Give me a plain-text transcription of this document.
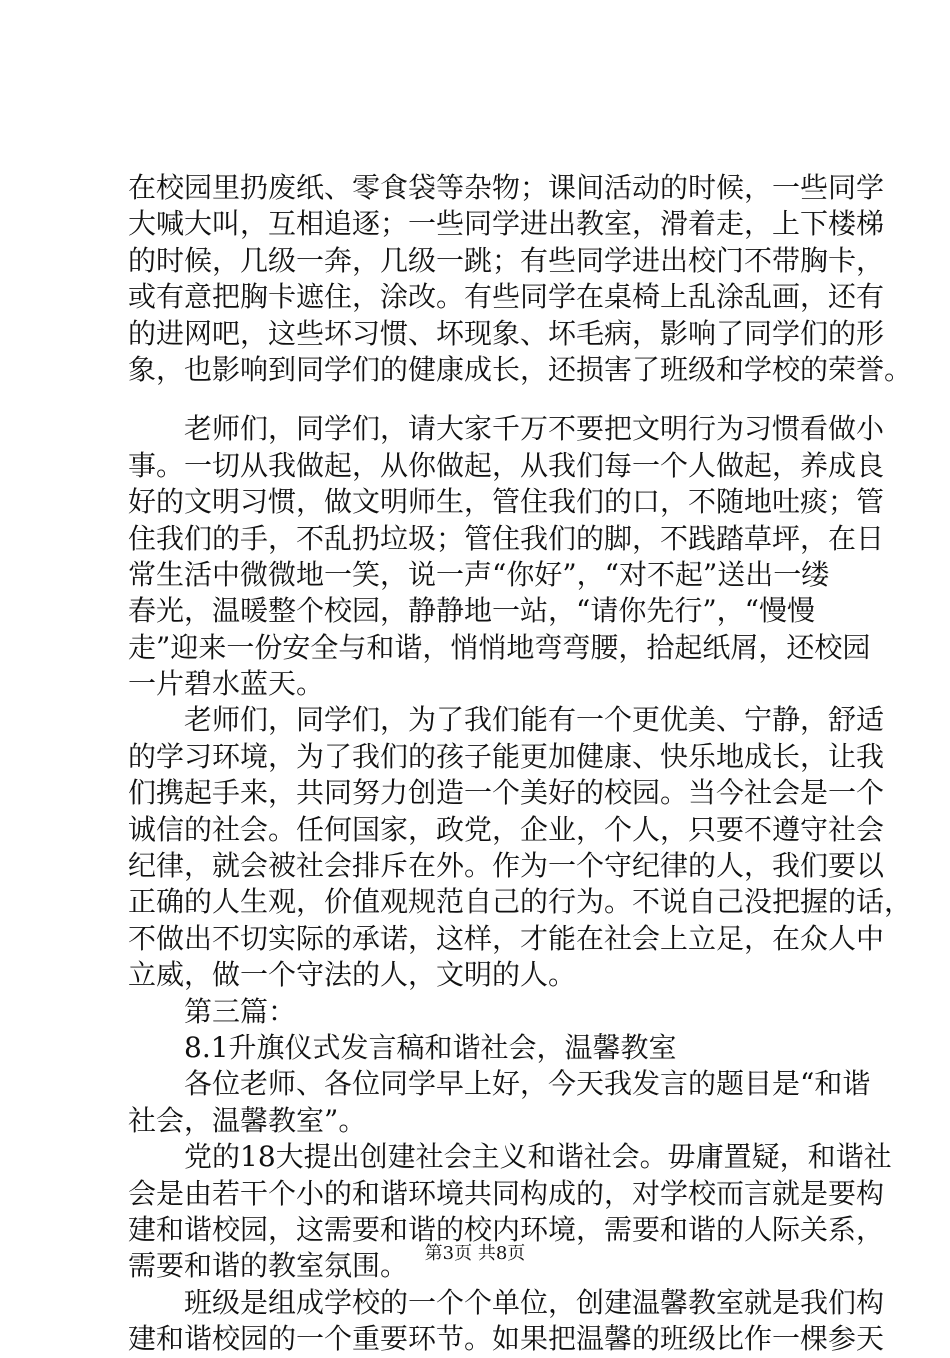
在校园里扔废纸、零食袋等杂物；课间活动的时候，一些同学
大喊大叫，互相追逐；一些同学进出教室，滑着走，上下楼梯
的时候，几级一奔，几级一跳；有些同学进出校门不带胸卡，
或有意把胸卡遮住，涂改。有些同学在桌椅上乱涂乱画，还有
的进网吧，这些坏习惯、坏现象、坏毛病，影响了同学们的形
象，也影响到同学们的健康成长，还损害了班级和学校的荣誉。
　　老师们，同学们，请大家千万不要把文明行为习惯看做小
事。一切从我做起，从你做起，从我们每一个人做起，养成良
好的文明习惯，做文明师生，管住我们的口，不随地吐痰；管
住我们的手，不乱扔垃圾；管住我们的脚，不践踏草坪，在日
常生活中微微地一笑，说一声“你好”，“对不起”送出一缕
春光，温暖整个校园，静静地一站，“请你先行”，“慢慢
走”迎来一份安全与和谐，悄悄地弯弯腰，拾起纸屑，还校园
一片碧水蓝天。
　　老师们，同学们，为了我们能有一个更优美、宁静，舒适
的学习环境，为了我们的孩子能更加健康、快乐地成长，让我
们携起手来，共同努力创造一个美好的校园。当今社会是一个
诚信的社会。任何国家，政党，企业，个人，只要不遵守社会
纪律，就会被社会排斥在外。作为一个守纪律的人，我们要以
正确的人生观，价值观规范自己的行为。不说自己没把握的话，
不做出不切实际的承诺，这样，才能在社会上立足，在众人中
立威，做一个守法的人，文明的人。
　　第三篇：
　　8.1升旗仪式发言稿和谐社会，温馨教室
　　各位老师、各位同学早上好，今天我发言的题目是“和谐
社会，温馨教室”。
　　党的18大提出创建社会主义和谐社会。毋庸置疑，和谐社
会是由若干个小的和谐环境共同构成的，对学校而言就是要构
建和谐校园，这需要和谐的校内环境，需要和谐的人际关系，
需要和谐的教室氛围。
　　班级是组成学校的一个个单位，创建温馨教室就是我们构
建和谐校园的一个重要环节。如果把温馨的班级比作一棵参天
第3页 共8页
